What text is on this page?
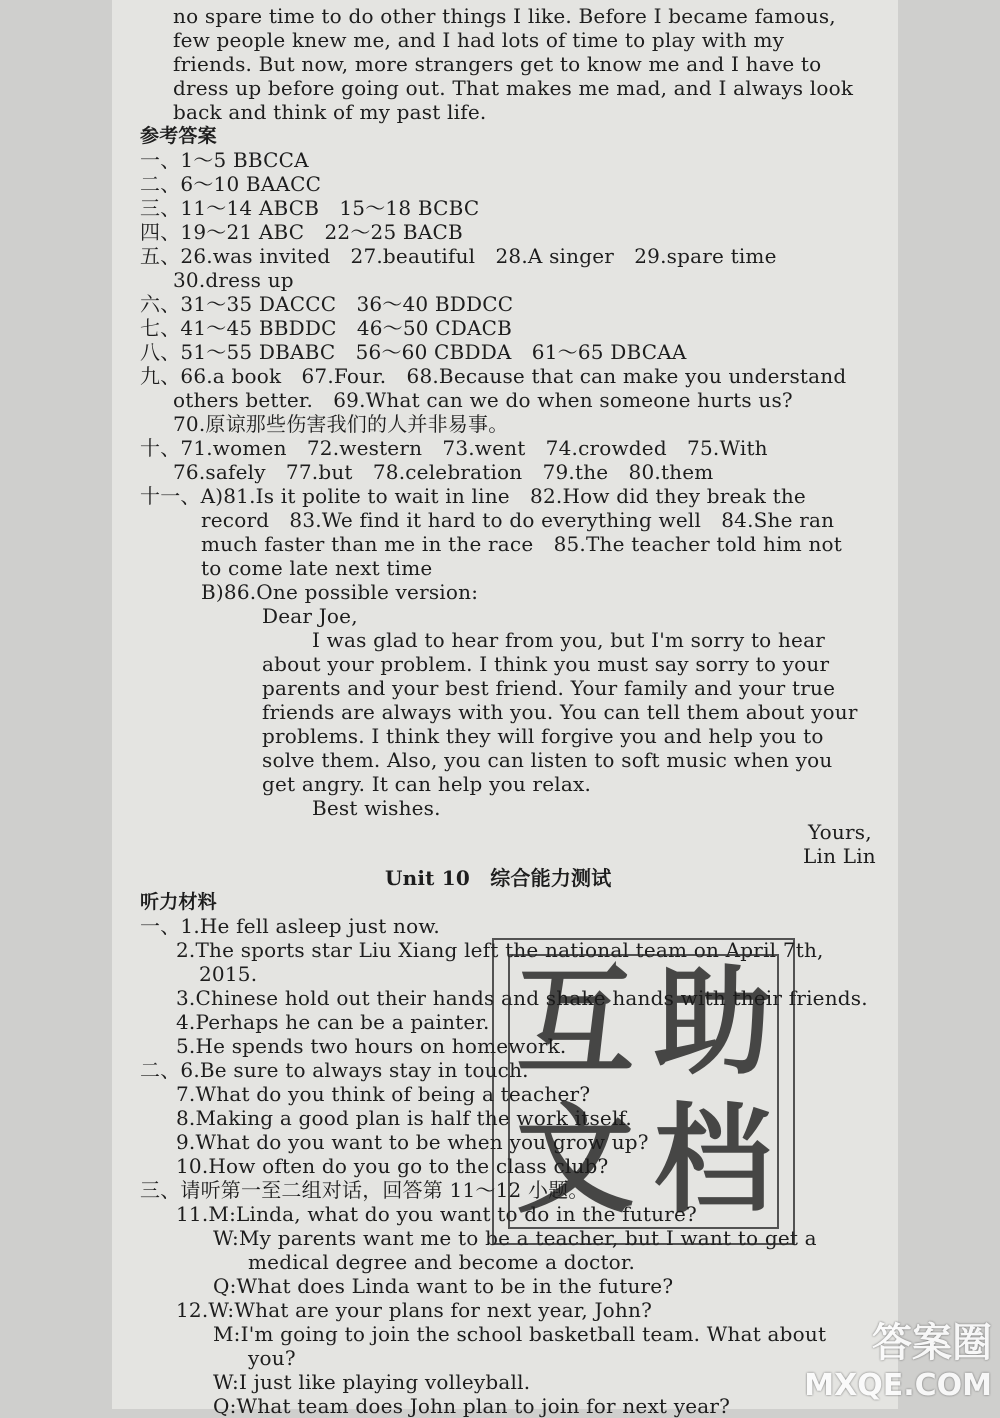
no spare time to do other things I like. Before I became famous,
few people knew me, and I had lots of time to play with my
friends. But now, more strangers get to know me and I have to
dress up before going out. That makes me mad, and I always look
back and think of my past life.
参考答案
一、1～5 BBCCA
二、6～10 BAACC
三、11～14 ABCB　15～18 BCBC
四、19～21 ABC　22～25 BACB
五、26.was invited　27.beautiful　28.A singer　29.spare time
30.dress up
六、31～35 DACCC　36～40 BDDCC
七、41～45 BBDDC　46～50 CDACB
八、51～55 DBABC　56～60 CBDDA　61～65 DBCAA
九、66.a book　67.Four.　68.Because that can make you understand
others better.　69.What can we do when someone hurts us?
70.原谅那些伤害我们的人并非易事。
十、71.women　72.western　73.went　74.crowded　75.With
76.safely　77.but　78.celebration　79.the　80.them
十一、A)81.Is it polite to wait in line　82.How did they break the
record　83.We find it hard to do everything well　84.She ran
much faster than me in the race　85.The teacher told him not
to come late next time
B)86.One possible version:
Dear Joe,
I was glad to hear from you, but I'm sorry to hear
about your problem. I think you must say sorry to your
parents and your best friend. Your family and your true
friends are always with you. You can tell them about your
problems. I think they will forgive you and help you to
solve them. Also, you can listen to soft music when you
get angry. It can help you relax.
Best wishes.
Yours,
Lin Lin
Unit 10　综合能力测试
听力材料
一、1.He fell asleep just now.
2.The sports star Liu Xiang left the national team on April 7th,
2015.
3.Chinese hold out their hands and shake hands with their friends.
4.Perhaps he can be a painter.
5.He spends two hours on homework.
二、6.Be sure to always stay in touch.
7.What do you think of being a teacher?
8.Making a good plan is half the work itself.
9.What do you want to be when you grow up?
10.How often do you go to the class club?
三、请听第一至二组对话，回答第 11～12 小题。
11.M:Linda, what do you want to do in the future?
W:My parents want me to be a teacher, but I want to get a
medical degree and become a doctor.
Q:What does Linda want to be in the future?
12.W:What are your plans for next year, John?
M:I'm going to join the school basketball team. What about
you?
W:I just like playing volleyball.
Q:What team does John plan to join for next year?
互 助
文 档
答案圈
MXQE.COM
